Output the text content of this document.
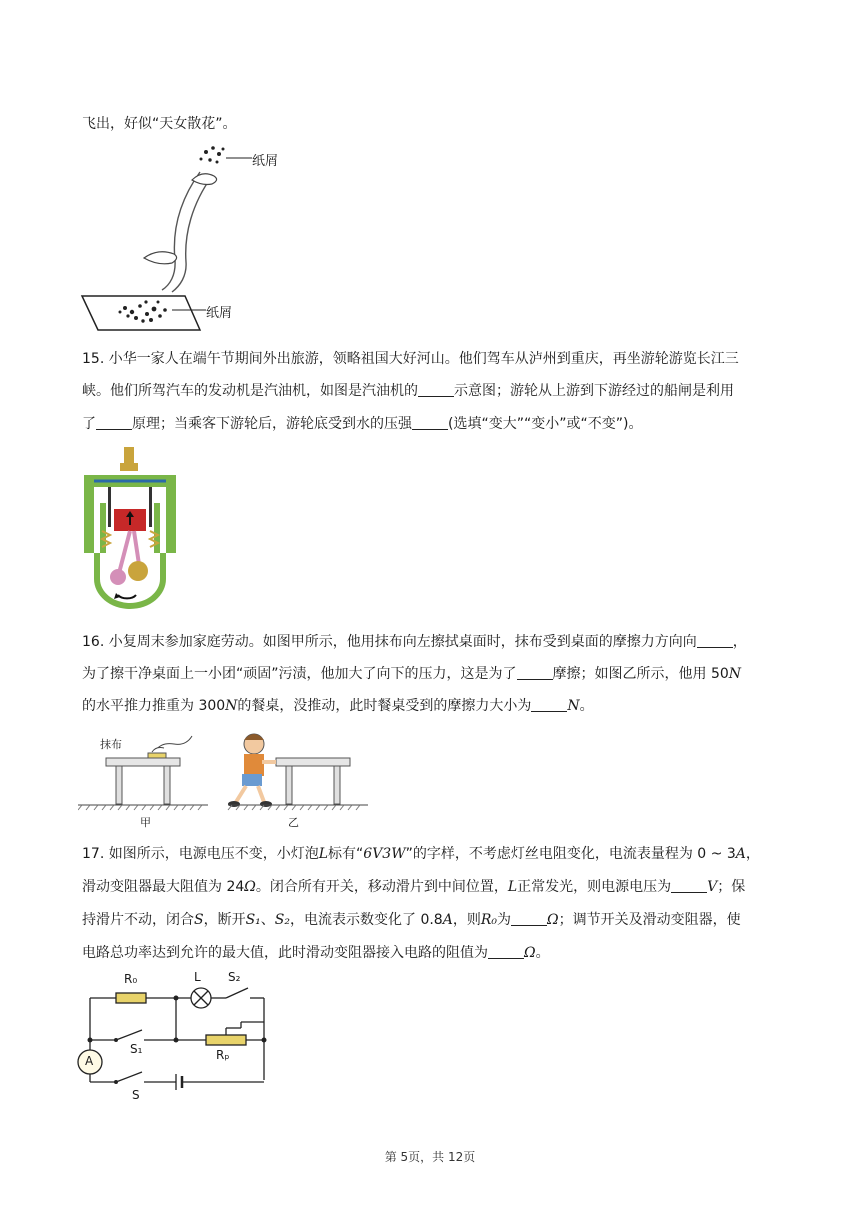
飞出，好似“天女散花”。
纸屑
纸屑
15. 小华一家人在端午节期间外出旅游，领略祖国大好河山。他们驾车从泸州到重庆，再坐游轮游览长江三
峡。他们所驾汽车的发动机是汽油机，如图是汽油机的	示意图；游轮从上游到下游经过的船闸是利用
了	原理；当乘客下游轮后，游轮底受到水的压强	(选填“变大”“变小”或“不变”)。
16. 小复周末参加家庭劳动。如图甲所示，他用抹布向左擦拭桌面时，抹布受到桌面的摩擦力方向向	，
为了擦干净桌面上一小团“顽固”污渍，他加大了向下的压力，这是为了	摩擦；如图乙所示，他用 50N
的水平推力推重为 300N的餐桌，没推动，此时餐桌受到的摩擦力大小为	N。
抹布
甲	乙
17. 如图所示，电源电压不变，小灯泡L标有“6V3W”的字样，不考虑灯丝电阻变化，电流表量程为 0 ~ 3A，
滑动变阻器最大阻值为 24Ω。闭合所有开关，移动滑片到中间位置，L正常发光，则电源电压为	V；保
持滑片不动，闭合S，断开S₁、S₂，电流表示数变化了 0.8A，则R₀为	Ω；调节开关及滑动变阻器，使
电路总功率达到允许的最大值，此时滑动变阻器接入电路的阻值为	Ω。
R₀	L S₂
S₁	Rₚ
A
S
第 5页，共 12页
